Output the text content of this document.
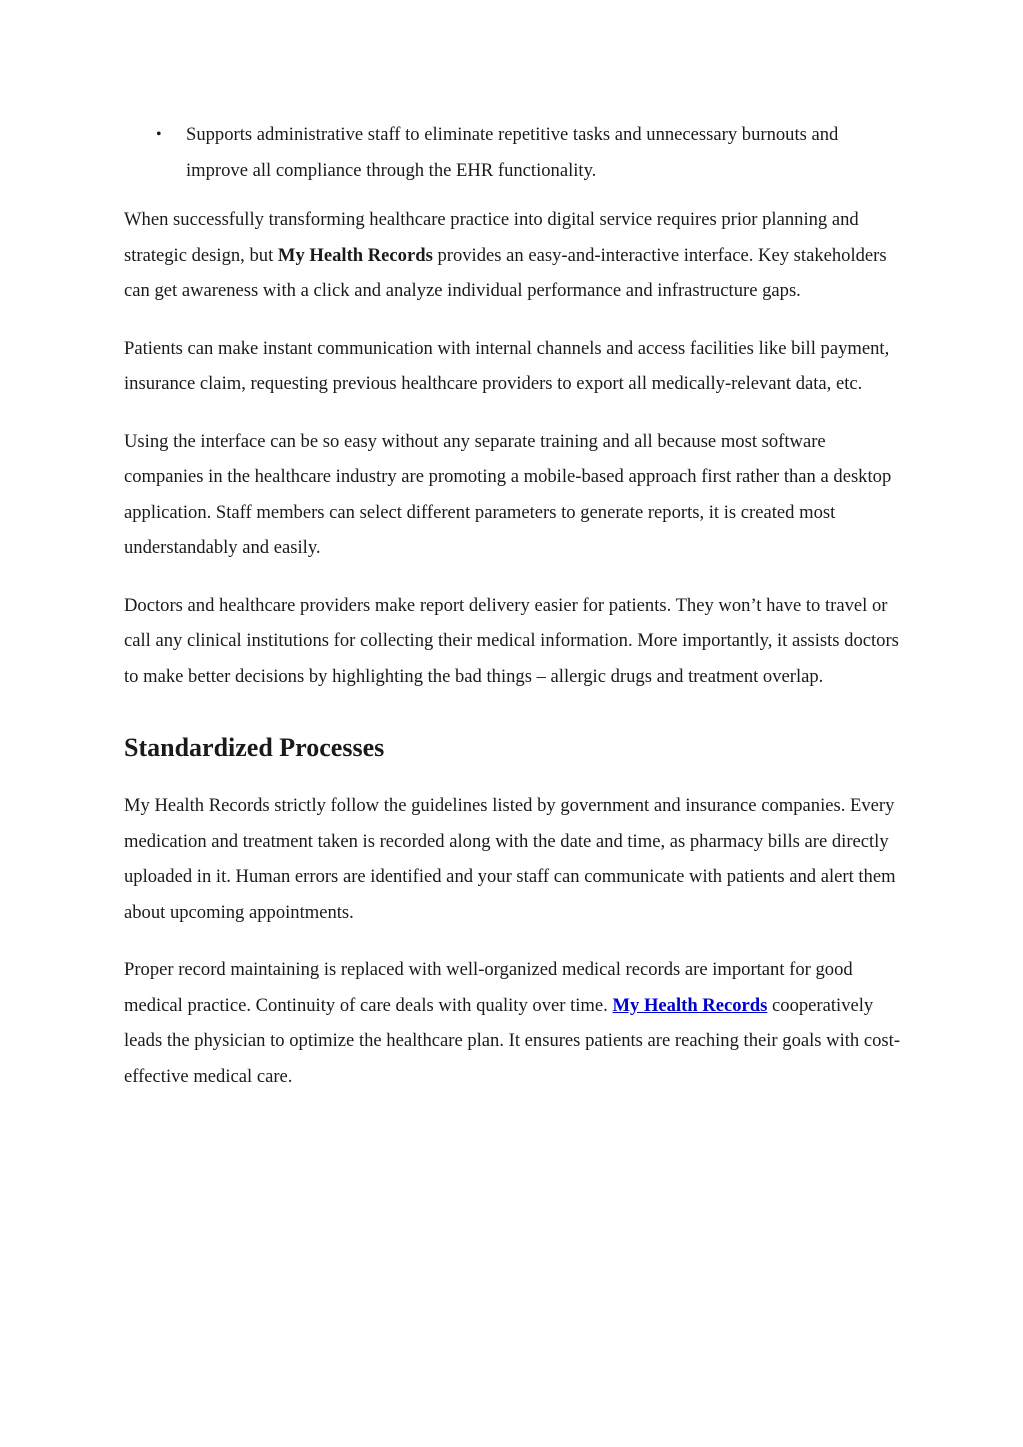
• Supports administrative staff to eliminate repetitive tasks and unnecessary burnouts and improve all compliance through the EHR functionality.

When successfully transforming healthcare practice into digital service requires prior planning and strategic design, but My Health Records provides an easy-and-interactive interface. Key stakeholders can get awareness with a click and analyze individual performance and infrastructure gaps.

Patients can make instant communication with internal channels and access facilities like bill payment, insurance claim, requesting previous healthcare providers to export all medically-relevant data, etc.

Using the interface can be so easy without any separate training and all because most software companies in the healthcare industry are promoting a mobile-based approach first rather than a desktop application. Staff members can select different parameters to generate reports, it is created most understandably and easily.

Doctors and healthcare providers make report delivery easier for patients. They won’t have to travel or call any clinical institutions for collecting their medical information. More importantly, it assists doctors to make better decisions by highlighting the bad things – allergic drugs and treatment overlap.

Standardized Processes

My Health Records strictly follow the guidelines listed by government and insurance companies. Every medication and treatment taken is recorded along with the date and time, as pharmacy bills are directly uploaded in it. Human errors are identified and your staff can communicate with patients and alert them about upcoming appointments.

Proper record maintaining is replaced with well-organized medical records are important for good medical practice. Continuity of care deals with quality over time. My Health Records cooperatively leads the physician to optimize the healthcare plan. It ensures patients are reaching their goals with cost-effective medical care.
